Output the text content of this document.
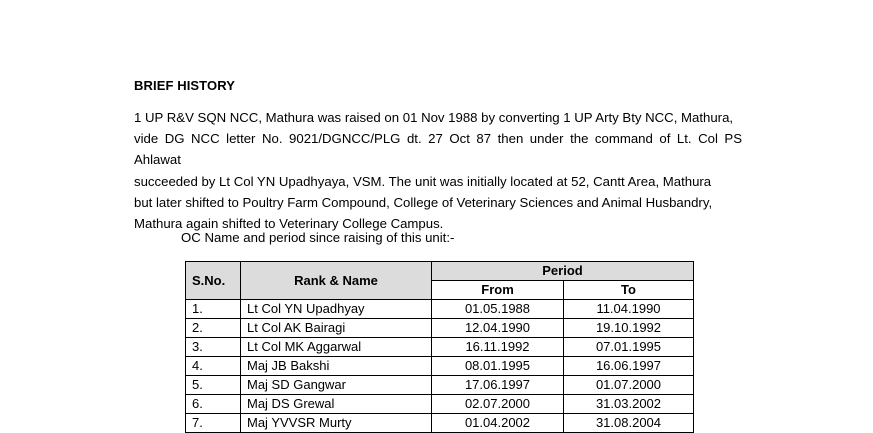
BRIEF HISTORY
1 UP R&V SQN NCC, Mathura was raised on 01 Nov 1988 by converting 1 UP Arty Bty NCC, Mathura,
vide DG NCC letter No. 9021/DGNCC/PLG dt. 27 Oct 87 then under the command of Lt. Col PS Ahlawat
succeeded by Lt Col YN Upadhyaya, VSM. The unit was initially located at 52, Cantt Area, Mathura
but later shifted to Poultry Farm Compound, College of Veterinary Sciences and Animal Husbandry,
Mathura again shifted to Veterinary College Campus.
OC Name and period since raising of this unit:-
S.No.	Rank & Name	Period	
		From	To
1.	Lt Col YN Upadhyay	01.05.1988	11.04.1990
2.	Lt Col AK Bairagi	12.04.1990	19.10.1992
3.	Lt Col MK Aggarwal	16.11.1992	07.01.1995
4.	Maj JB Bakshi	08.01.1995	16.06.1997
5.	Maj SD Gangwar	17.06.1997	01.07.2000
6.	Maj DS Grewal	02.07.2000	31.03.2002
7.	Maj YVVSR Murty	01.04.2002	31.08.2004
